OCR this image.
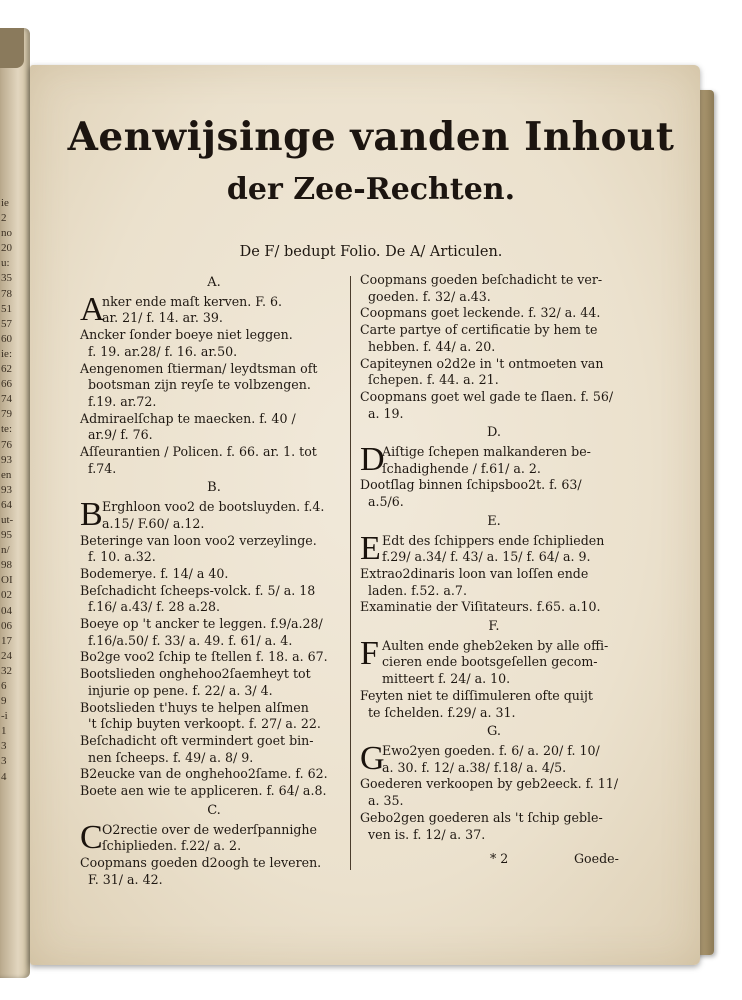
ie
2
no
20
u:
35
78
51
57
60
ie:
62
66
74
79
te:
76
93
en
93
64
ut-
95
n/
98
OI
02
04
06
17
24
32
6
9
-i
1
3
3
4
Aenwijsinge vanden Inhout
der Zee-Rechten.
De F/ bedupt Folio. De A/ Articulen.
A.
A
nker ende maſt kerven. F. 6.
ar. 21/ f. 14. ar. 39.
Ancker ſonder boeye niet leggen.
f. 19. ar.28/ f. 16. ar.50.
Aengenomen ſtierman/ leydtsman oft
bootsman zijn reyſe te volbzengen.
f.19. ar.72.
Admiraelſchap te maecken. f. 40 /
ar.9/ f. 76.
Aſſeurantien / Policen. f. 66. ar. 1. tot
f.74.
B.
B Erghloon voo2 de bootsluyden. f.4.
a.15/ F.60/ a.12.
Beteringe van loon voo2 verzeylinge.
f. 10. a.32.
Bodemerye. f. 14/ a 40.
Beſchadicht ſcheeps-volck. f. 5/ a. 18
f.16/ a.43/ f. 28 a.28.
Boeye op 't ancker te leggen. f.9/a.28/
f.16/a.50/ f. 33/ a. 49. f. 61/ a. 4.
Bo2ge voo2 ſchip te ſtellen f. 18. a. 67.
Bootslieden onghehoo2ſaemheyt tot
injurie op pene. f. 22/ a. 3/ 4.
Bootslieden t'huys te helpen alſmen
't ſchip buyten verkoopt. f. 27/ a. 22.
Beſchadicht oft vermindert goet bin-
nen ſcheeps. f. 49/ a. 8/ 9.
B2eucke van de onghehoo2ſame. f. 62.
Boete aen wie te appliceren. f. 64/ a.8.
C.
C O2rectie over de wederſpannighe
ſchiplieden. f.22/ a. 2.
Coopmans goeden d2oogh te leveren.
F. 31/ a. 42.
Coopmans goeden beſchadicht te ver-
goeden. f. 32/ a.43.
Coopmans goet leckende. f. 32/ a. 44.
Carte partye of certificatie by hem te
hebben. f. 44/ a. 20.
Capiteynen o2d2e in 't ontmoeten van
ſchepen. f. 44. a. 21.
Coopmans goet wel gade te ſlaen. f. 56/
a. 19.
D.
D
Aiſtige ſchepen malkanderen be-
ſchadighende / f.61/ a. 2.
Dootſlag binnen ſchipsboo2t. f. 63/
a.5/6.
E.
E Edt des ſchippers ende ſchiplieden
f.29/ a.34/ f. 43/ a. 15/ f. 64/ a. 9.
Extrao2dinaris loon van loſſen ende
laden. f.52. a.7.
Examinatie der Viſitateurs. f.65. a.10.
F.
F Aulten ende gheb2eken by alle offi-
cieren ende bootsgeſellen gecom-
mitteert f. 24/ a. 10.
Feyten niet te diſſimuleren ofte quijt
te ſchelden. f.29/ a. 31.
G.
G
Ewo2yen goeden. f. 6/ a. 20/ f. 10/
a. 30. f. 12/ a.38/ f.18/ a. 4/5.
Goederen verkoopen by geb2eeck. f. 11/
a. 35.
Gebo2gen goederen als 't ſchip geble-
ven is. f. 12/ a. 37.
* 2	Goede-
